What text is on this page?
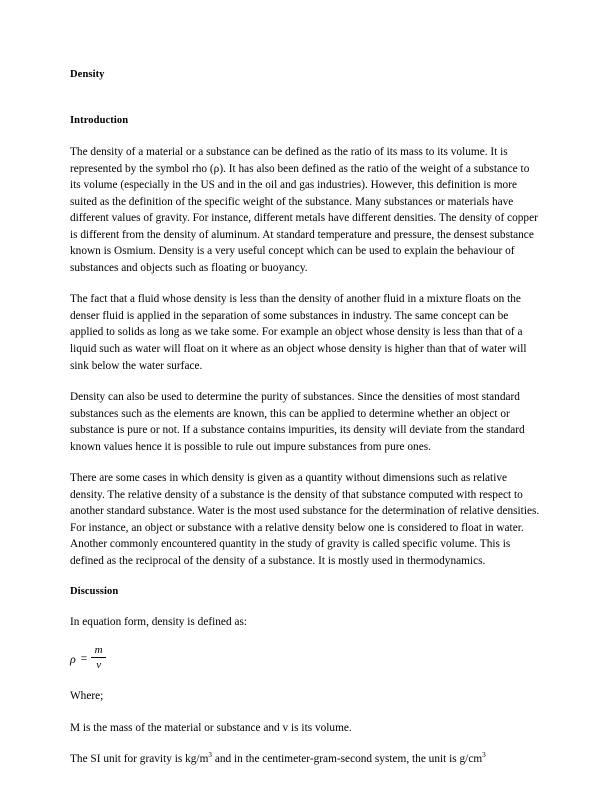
Density
Introduction

The density of a material or a substance can be defined as the ratio of its mass to its volume. It is represented by the symbol rho (ρ). It has also been defined as the ratio of the weight of a substance to its volume (especially in the US and in the oil and gas industries). However, this definition is more suited as the definition of the specific weight of the substance. Many substances or materials have different values of gravity. For instance, different metals have different densities. The density of copper is different from the density of aluminum. At standard temperature and pressure, the densest substance known is Osmium. Density is a very useful concept which can be used to explain the behaviour of substances and objects such as floating or buoyancy.

The fact that a fluid whose density is less than the density of another fluid in a mixture floats on the denser fluid is applied in the separation of some substances in industry. The same concept can be applied to solids as long as we take some. For example an object whose density is less than that of a liquid such as water will float on it where as an object whose density is higher than that of water will sink below the water surface.

Density can also be used to determine the purity of substances. Since the densities of most standard substances such as the elements are known, this can be applied to determine whether an object or substance is pure or not. If a substance contains impurities, its density will deviate from the standard known values hence it is possible to rule out impure substances from pure ones.

There are some cases in which density is given as a quantity without dimensions such as relative density. The relative density of a substance is the density of that substance computed with respect to another standard substance. Water is the most used substance for the determination of relative densities. For instance, an object or substance with a relative density below one is considered to float in water. Another commonly encountered quantity in the study of gravity is called specific volume. This is defined as the reciprocal of the density of a substance. It is mostly used in thermodynamics.

Discussion

In equation form, density is defined as:

$\rho = \frac{m}{v}$

Where;

M is the mass of the material or substance and v is its volume.

The SI unit for gravity is $kg/m^3$ and in the centimeter-gram-second system, the unit is $g/cm^3$
